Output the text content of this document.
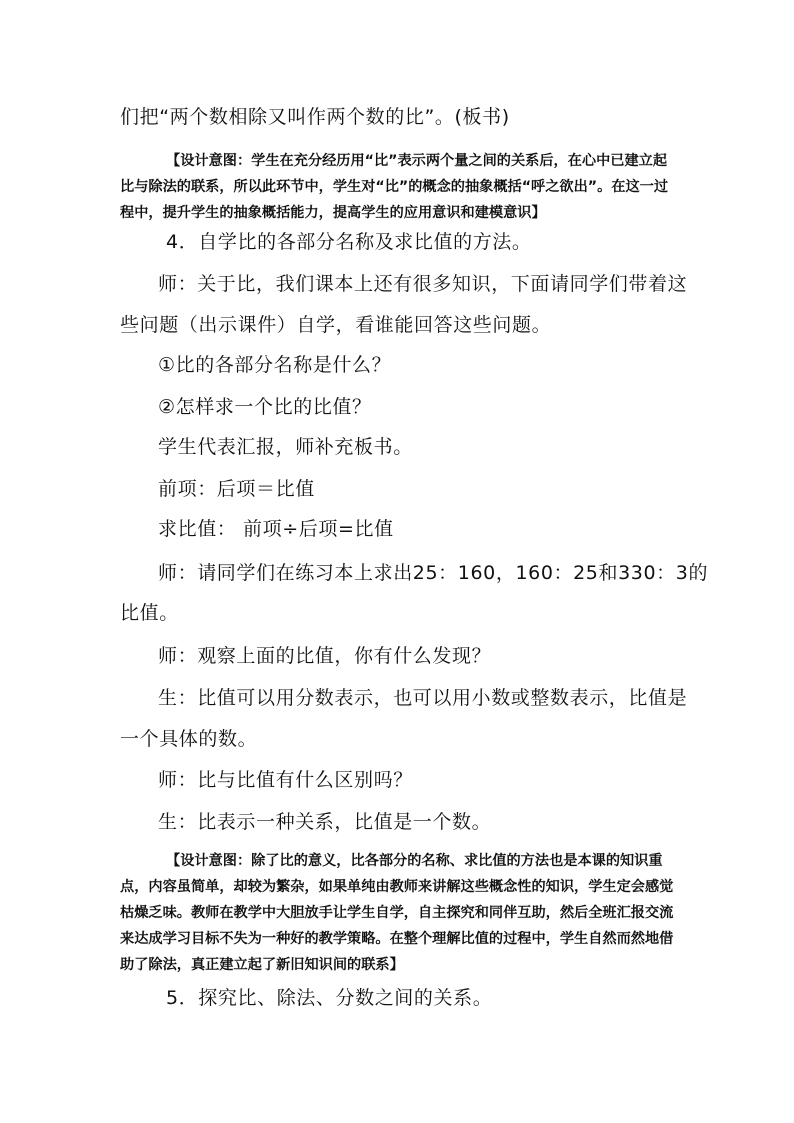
们把“两个数相除又叫作两个数的比”。(板书)
【设计意图：学生在充分经历用“比”表示两个量之间的关系后，在心中已建立起
比与除法的联系，所以此环节中，学生对“比”的概念的抽象概括“呼之欲出”。在这一过
程中，提升学生的抽象概括能力，提高学生的应用意识和建模意识】
4．自学比的各部分名称及求比值的方法。
师：关于比，我们课本上还有很多知识，下面请同学们带着这
些问题（出示课件）自学，看谁能回答这些问题。
①比的各部分名称是什么？
②怎样求一个比的比值？
学生代表汇报，师补充板书。
前项：后项＝比值
求比值： 前项÷后项=比值
师：请同学们在练习本上求出25：160，160：25和330：3的
比值。
师：观察上面的比值，你有什么发现？
生：比值可以用分数表示，也可以用小数或整数表示，比值是
一个具体的数。
师：比与比值有什么区别吗？
生：比表示一种关系，比值是一个数。
【设计意图：除了比的意义，比各部分的名称、求比值的方法也是本课的知识重
点，内容虽简单，却较为繁杂，如果单纯由教师来讲解这些概念性的知识，学生定会感觉
枯燥乏味。教师在教学中大胆放手让学生自学，自主探究和同伴互助，然后全班汇报交流
来达成学习目标不失为一种好的教学策略。在整个理解比值的过程中，学生自然而然地借
助了除法，真正建立起了新旧知识间的联系】
5．探究比、除法、分数之间的关系。
